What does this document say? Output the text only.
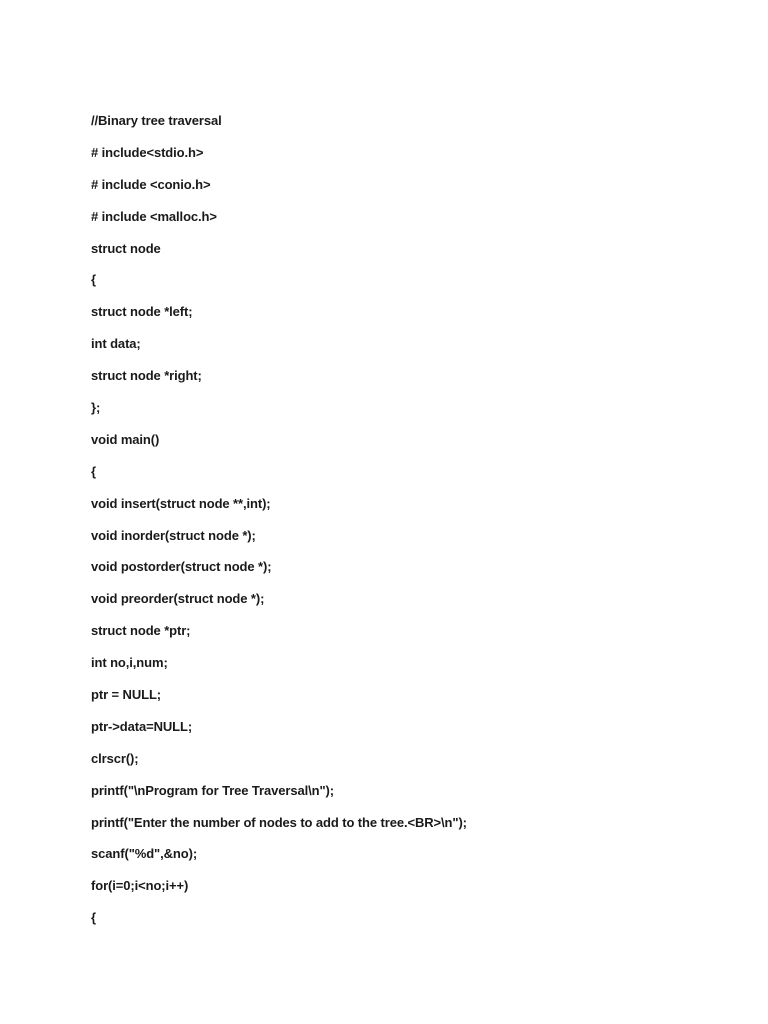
//Binary tree traversal
# include<stdio.h>
# include <conio.h>
# include <malloc.h>
struct node
{
struct node *left;
int data;
struct node *right;
};
void main()
{
void insert(struct node **,int);
void inorder(struct node *);
void postorder(struct node *);
void preorder(struct node *);
struct node *ptr;
int no,i,num;
ptr = NULL;
ptr->data=NULL;
clrscr();
printf("\nProgram for Tree Traversal\n");
printf("Enter the number of nodes to add to the tree.<BR>\n");
scanf("%d",&no);
for(i=0;i<no;i++)
{
